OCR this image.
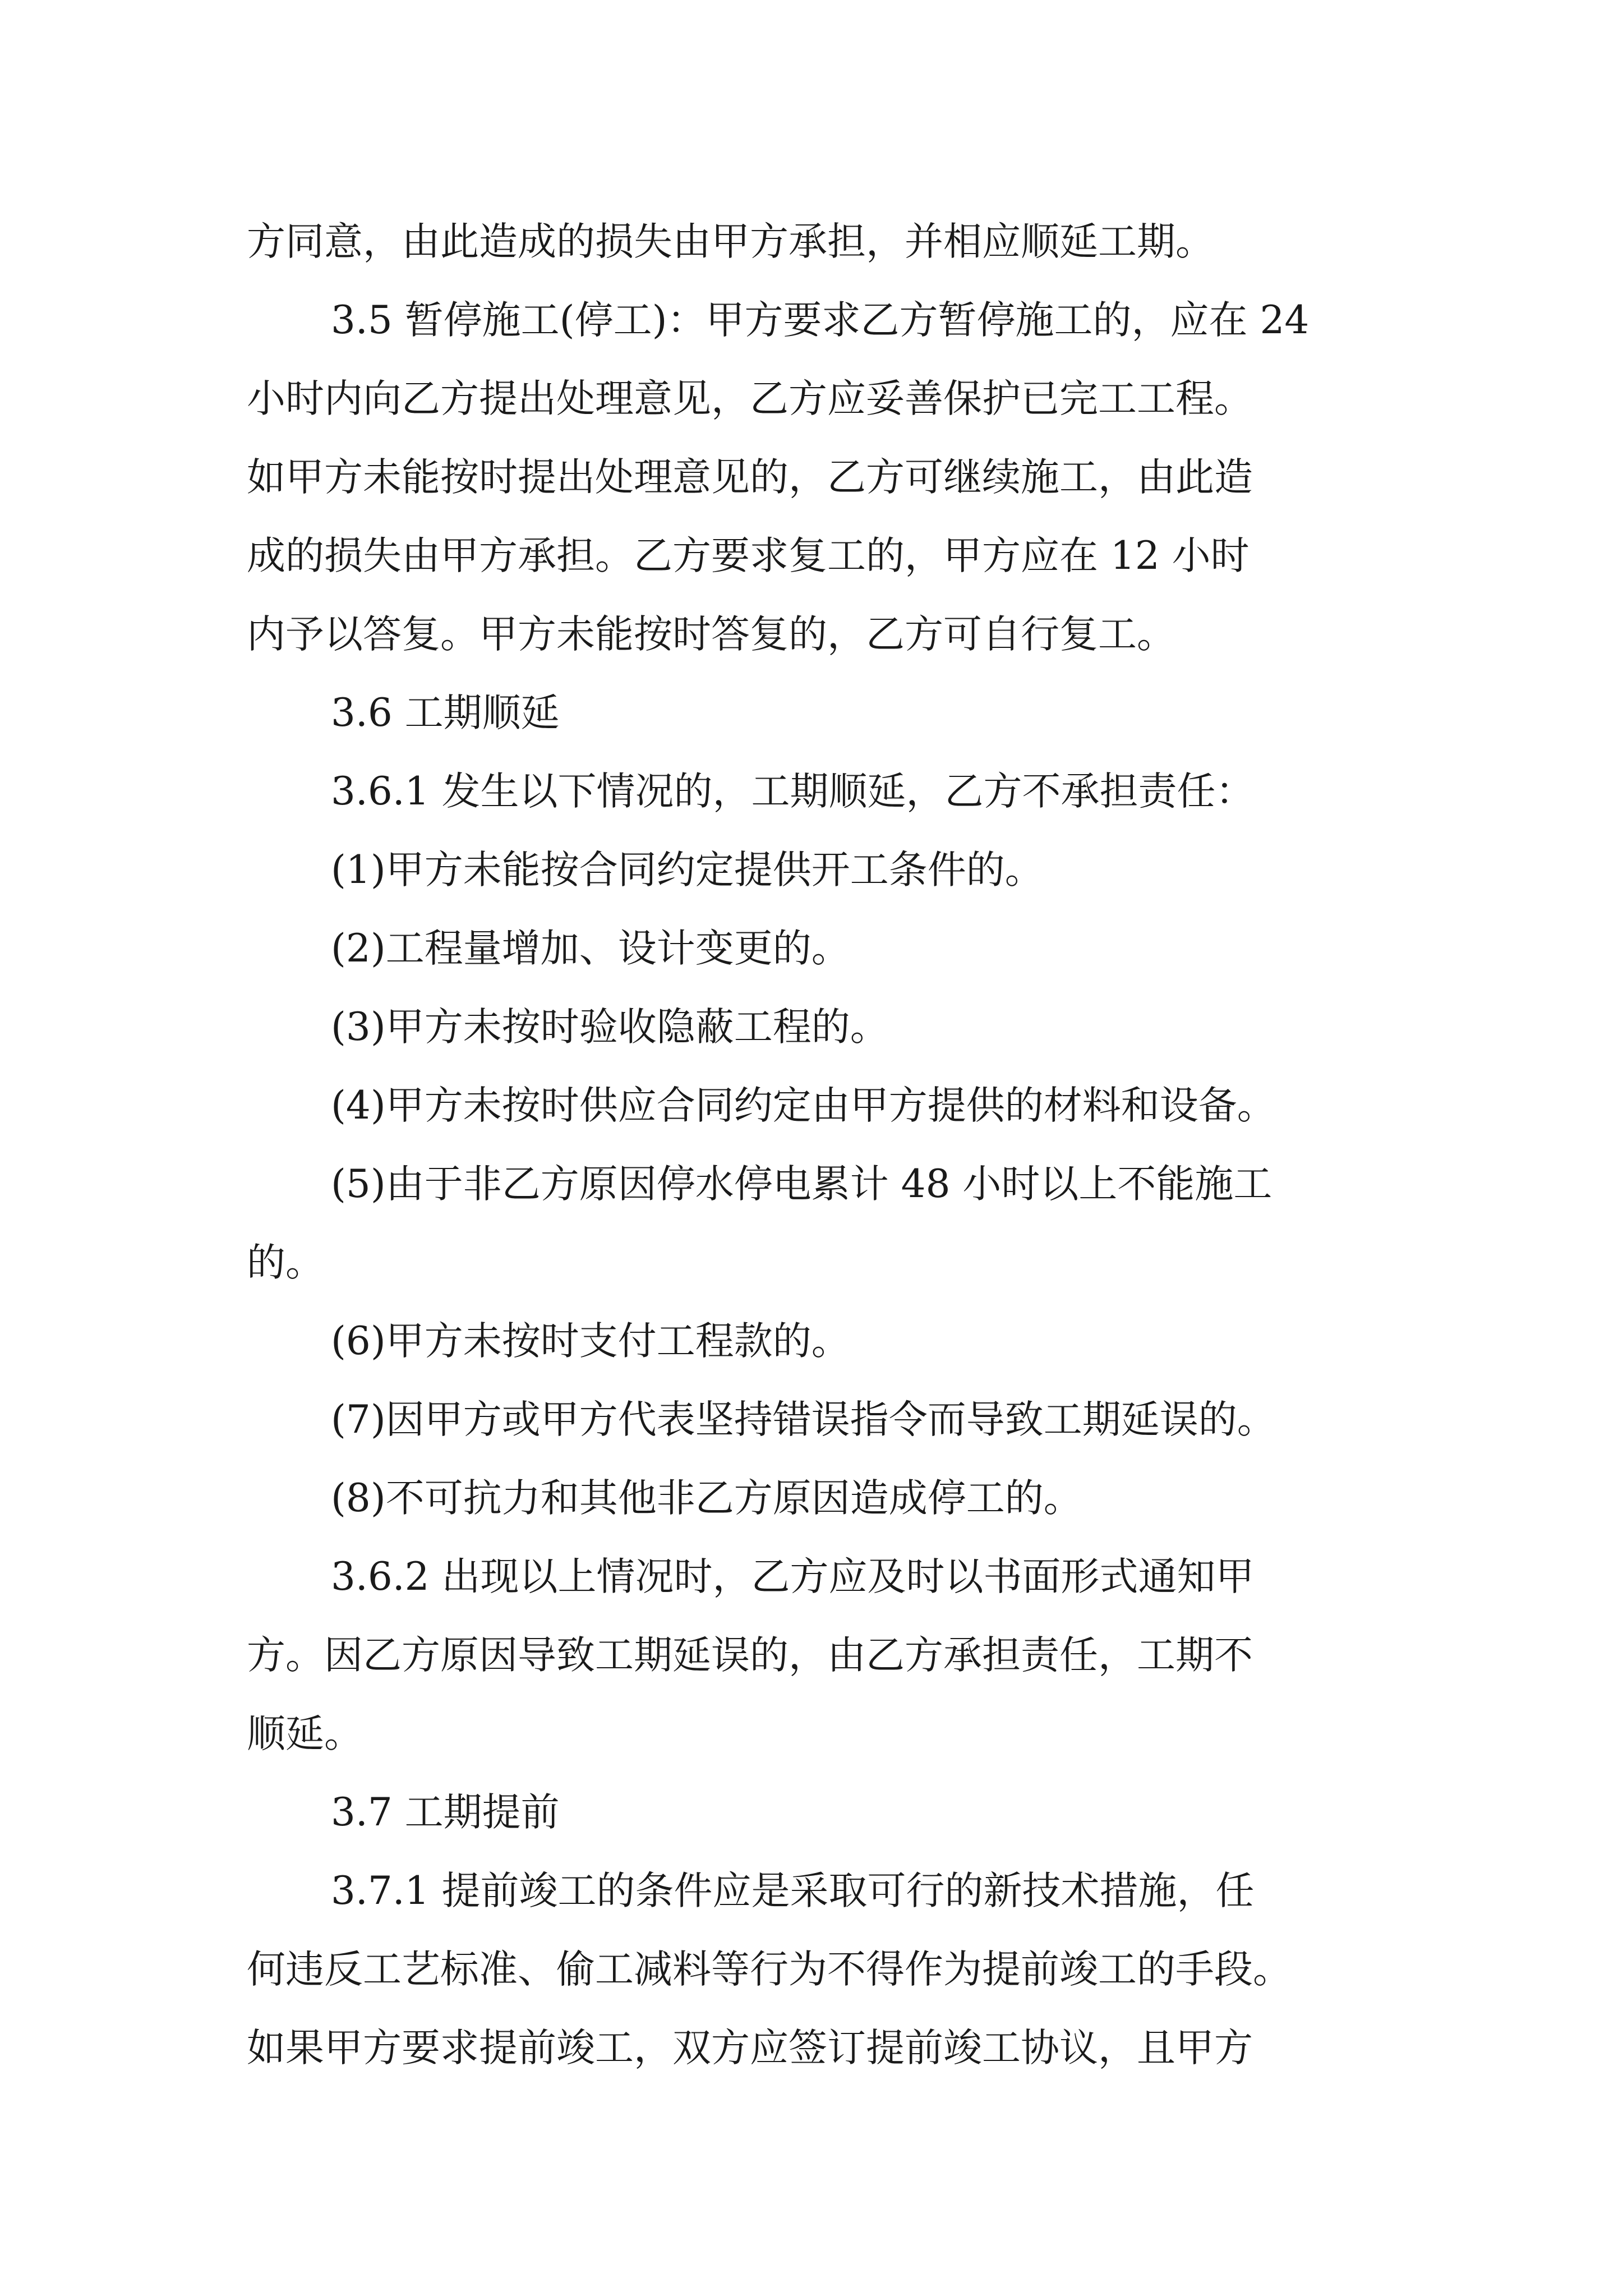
方同意，由此造成的损失由甲方承担，并相应顺延工期。

3.5 暂停施工(停工)：甲方要求乙方暂停施工的，应在 24

小时内向乙方提出处理意见，乙方应妥善保护已完工工程。

如甲方未能按时提出处理意见的，乙方可继续施工，由此造

成的损失由甲方承担。乙方要求复工的，甲方应在 12 小时

内予以答复。甲方未能按时答复的，乙方可自行复工。

3.6 工期顺延

3.6.1 发生以下情况的，工期顺延，乙方不承担责任：

(1)甲方未能按合同约定提供开工条件的。

(2)工程量增加、设计变更的。

(3)甲方未按时验收隐蔽工程的。

(4)甲方未按时供应合同约定由甲方提供的材料和设备。

(5)由于非乙方原因停水停电累计 48 小时以上不能施工

的。

(6)甲方未按时支付工程款的。

(7)因甲方或甲方代表坚持错误指令而导致工期延误的。

(8)不可抗力和其他非乙方原因造成停工的。

3.6.2 出现以上情况时，乙方应及时以书面形式通知甲

方。因乙方原因导致工期延误的，由乙方承担责任，工期不

顺延。

3.7 工期提前

3.7.1 提前竣工的条件应是采取可行的新技术措施，任

何违反工艺标准、偷工减料等行为不得作为提前竣工的手段。

如果甲方要求提前竣工，双方应签订提前竣工协议，且甲方
